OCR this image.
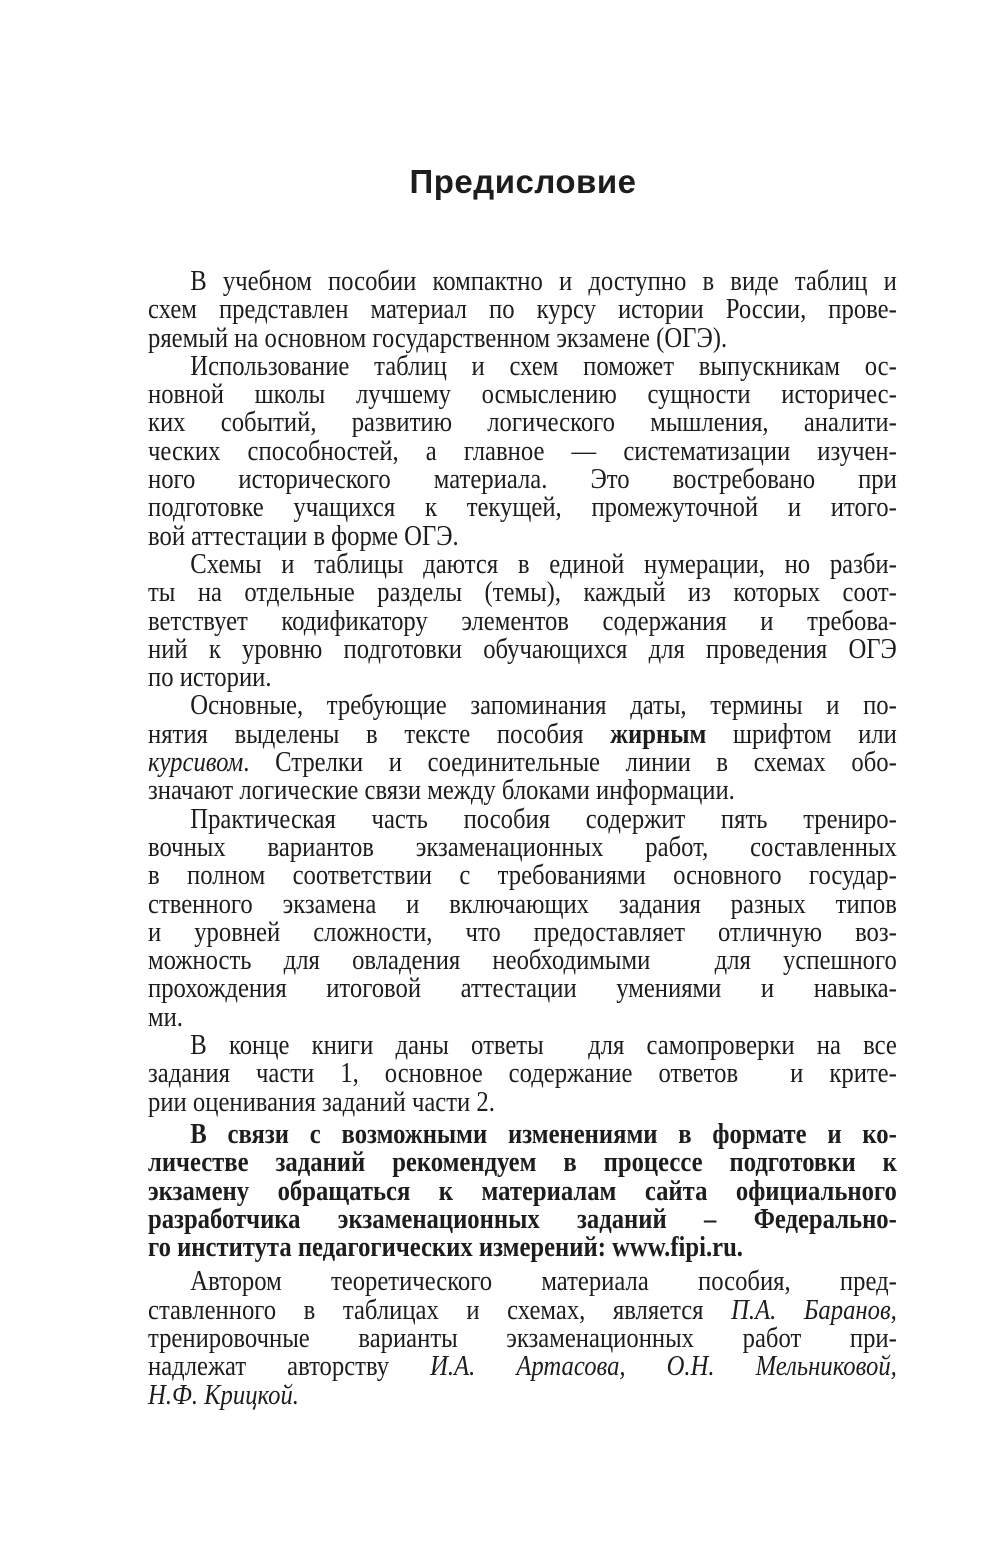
Предисловие
В учебном пособии компактно и доступно в виде таблиц и
схем представлен материал по курсу истории России, прове-
ряемый на основном государственном экзамене (ОГЭ).
Использование таблиц и схем поможет выпускникам ос-
новной школы лучшему осмыслению сущности историчес-
ких событий, развитию логического мышления, аналити-
ческих способностей, а главное — систематизации изучен-
ного исторического материала. Это востребовано при
подготовке учащихся к текущей, промежуточной и итого-
вой аттестации в форме ОГЭ.
Схемы и таблицы даются в единой нумерации, но разби-
ты на отдельные разделы (темы), каждый из которых соот-
ветствует кодификатору элементов содержания и требова-
ний к уровню подготовки обучающихся для проведения ОГЭ
по истории.
Основные, требующие запоминания даты, термины и по-
нятия выделены в тексте пособия жирным шрифтом или
курсивом. Стрелки и соединительные линии в схемах обо-
значают логические связи между блоками информации.
Практическая часть пособия содержит пять трениро-
вочных вариантов экзаменационных работ, составленных
в полном соответствии с требованиями основного государ-
ственного экзамена и включающих задания разных типов
и уровней сложности, что предоставляет отличную воз-
можность для овладения необходимыми  для успешного
прохождения итоговой аттестации умениями и навыка-
ми.
В конце книги даны ответы  для самопроверки на все
задания части 1, основное содержание ответов  и крите-
рии оценивания заданий части 2.
В связи с возможными изменениями в формате и ко-
личестве заданий рекомендуем в процессе подготовки к
экзамену обращаться к материалам сайта официального
разработчика экзаменационных заданий – Федерально-
го института педагогических измерений: www.fipi.ru.
Автором теоретического материала пособия, пред-
ставленного в таблицах и схемах, является П.А. Баранов,
тренировочные варианты экзаменационных работ при-
надлежат авторству И.А. Артасова, О.Н. Мельниковой,
Н.Ф. Крицкой.
